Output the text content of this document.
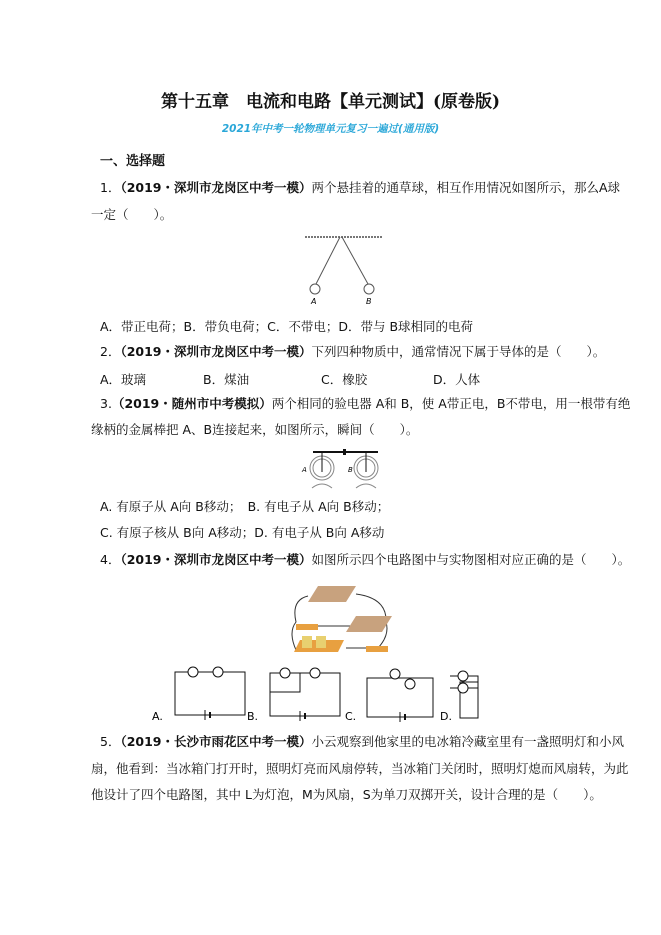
第十五章　电流和电路【单元测试】(原卷版)
2021年中考一轮物理单元复习一遍过(通用版)
一、选择题
1．（2019・深圳市龙岗区中考一模）两个悬挂着的通草球，相互作用情况如图所示，那么A球
一定（　　）。
A	B
A．带正电荷；B．带负电荷；C．不带电；D．带与 B球相同的电荷
2．（2019・深圳市龙岗区中考一模）下列四种物质中，通常情况下属于导体的是（　　）。
A．玻璃	B．煤油	C．橡胶	D．人体
3.（2019・随州市中考模拟）两个相同的验电器 A和 B，使 A带正电，B不带电，用一根带有绝
缘柄的金属棒把 A、B连接起来，如图所示，瞬间（　　）。
A	B
A. 有原子从 A向 B移动；　B. 有电子从 A向 B移动；
C. 有原子核从 B向 A移动；D. 有电子从 B向 A移动
4．（2019・深圳市龙岗区中考一模）如图所示四个电路图中与实物图相对应正确的是（　　）。
A.	B.	C.	D.
5．（2019・长沙市雨花区中考一模）小云观察到他家里的电冰箱冷藏室里有一盏照明灯和小风
扇，他看到：当冰箱门打开时，照明灯亮而风扇停转，当冰箱门关闭时，照明灯熄而风扇转，为此
他设计了四个电路图，其中 L为灯泡，M为风扇，S为单刀双掷开关，设计合理的是（　　）。
